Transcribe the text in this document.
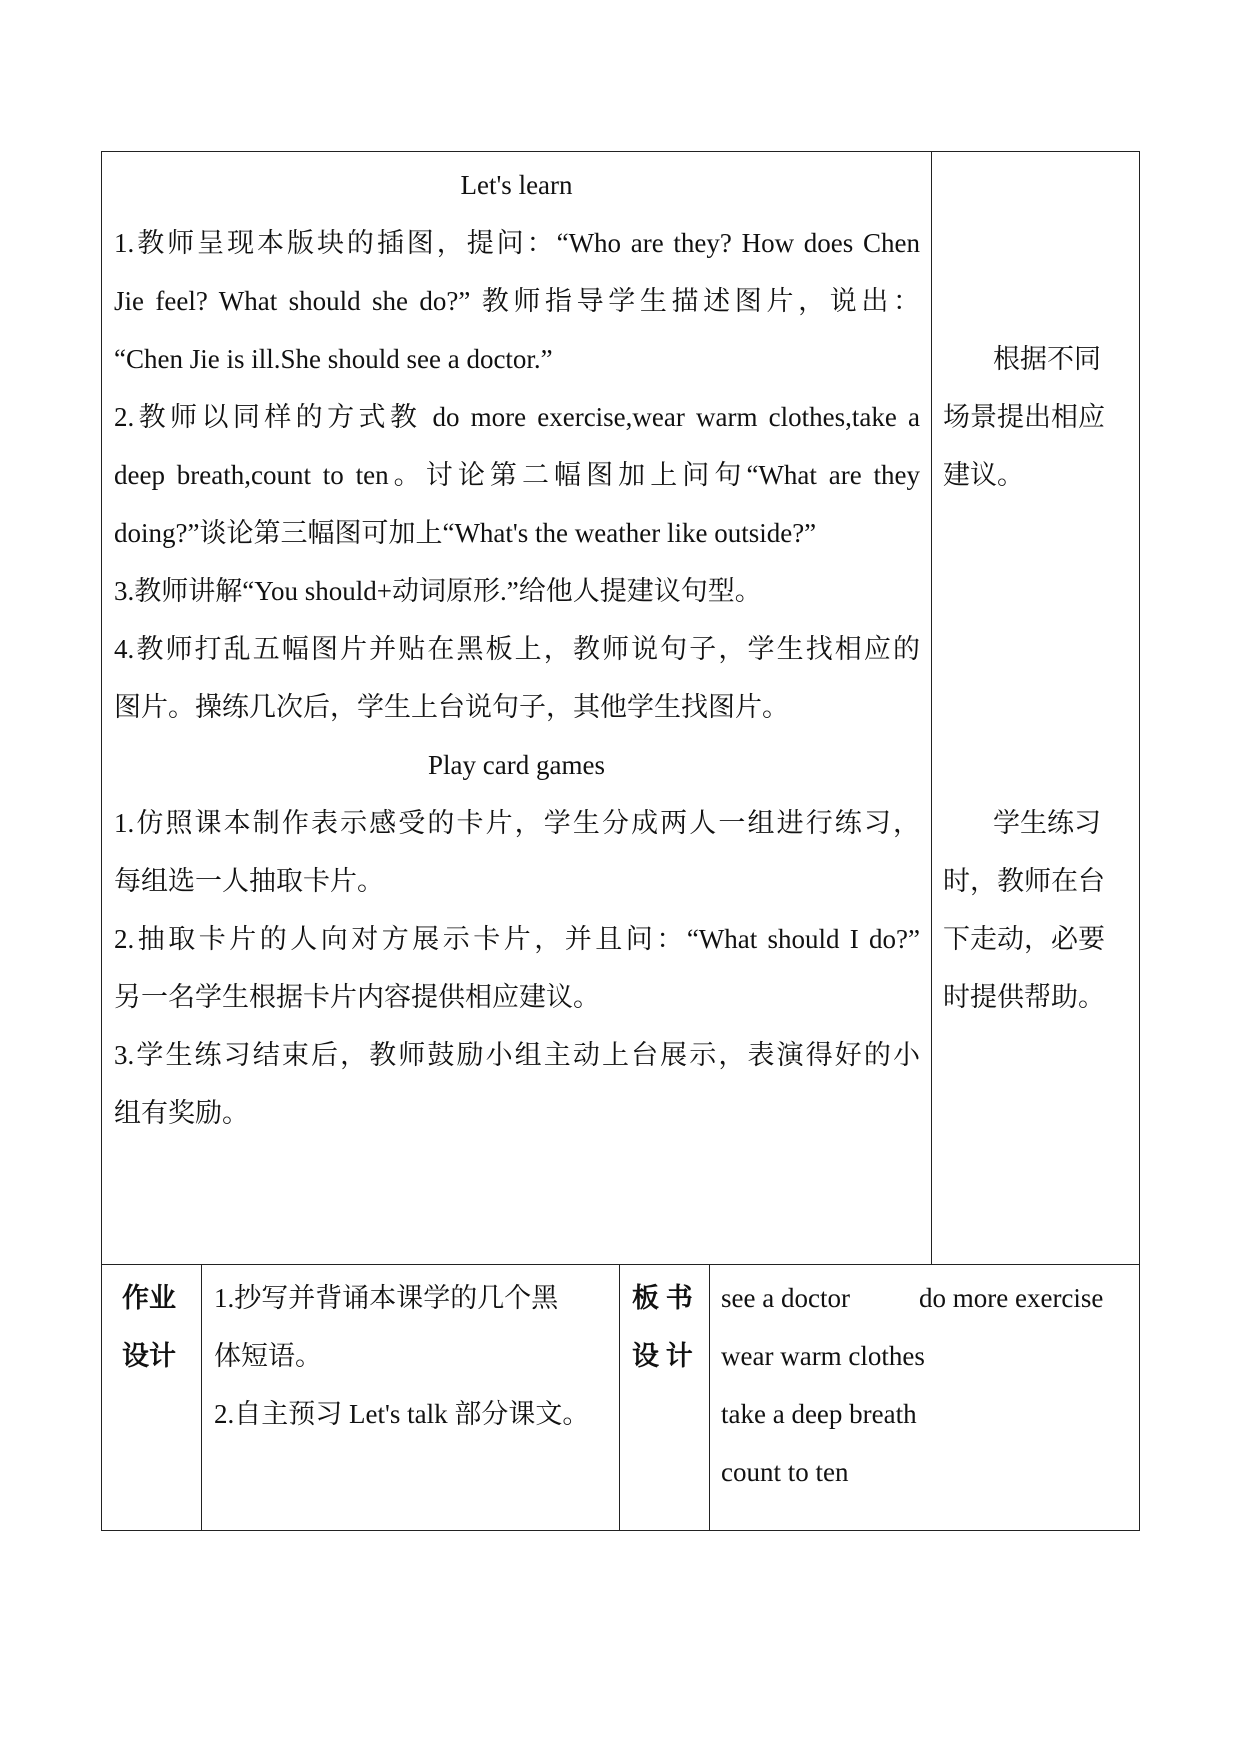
Let's learn
1.教师呈现本版块的插图，提问：“Who are they? How does Chen
Jie feel? What should she do?” 教师指导学生描述图片，说出：
“Chen Jie is ill.She should see a doctor.”
2.教师以同样的方式教 do more exercise,wear warm clothes,take a
deep breath,count to ten。讨论第二幅图加上问句“What are they
doing?”谈论第三幅图可加上“What's the weather like outside?”
3.教师讲解“You should+动词原形.”给他人提建议句型。
4.教师打乱五幅图片并贴在黑板上，教师说句子，学生找相应的
图片。操练几次后，学生上台说句子，其他学生找图片。
Play card games
1.仿照课本制作表示感受的卡片，学生分成两人一组进行练习，
每组选一人抽取卡片。
2.抽取卡片的人向对方展示卡片，并且问：“What should I do?”
另一名学生根据卡片内容提供相应建议。
3.学生练习结束后，教师鼓励小组主动上台展示，表演得好的小
组有奖励。
根据不同
场景提出相应
建议。
学生练习
时，教师在台
下走动，必要
时提供帮助。
作业
设计
1.抄写并背诵本课学的几个黑
体短语。
2.自主预习 Let's talk 部分课文。
板 书
设 计
see a doctor	do more exercise
wear warm clothes
take a deep breath
count to ten
